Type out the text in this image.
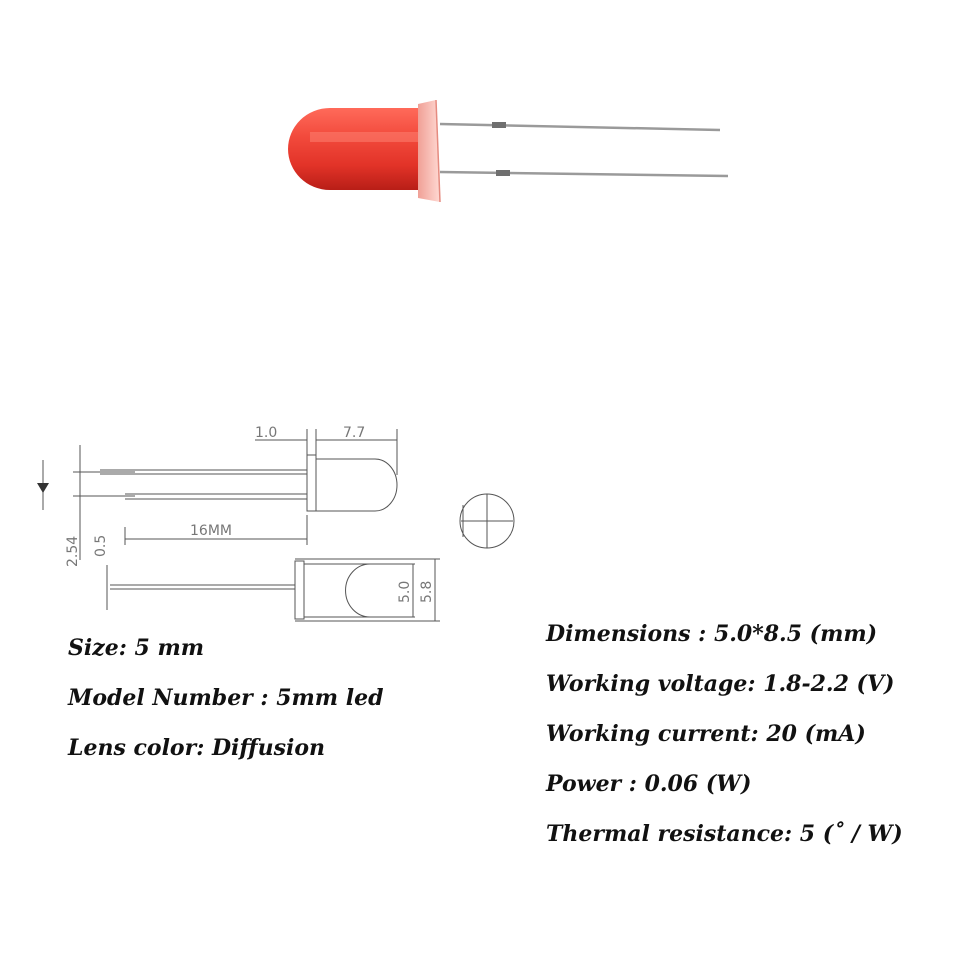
1.0	7.7
16MM
2.54 0.5
5.0 5.8
Size: 5 mm
Model Number : 5mm led
Lens color: Diffusion
Dimensions : 5.0*8.5 (mm)
Working voltage: 1.8-2.2 (V)
Working current: 20 (mA)
Power : 0.06 (W)
Thermal resistance: 5 (˚ / W)
